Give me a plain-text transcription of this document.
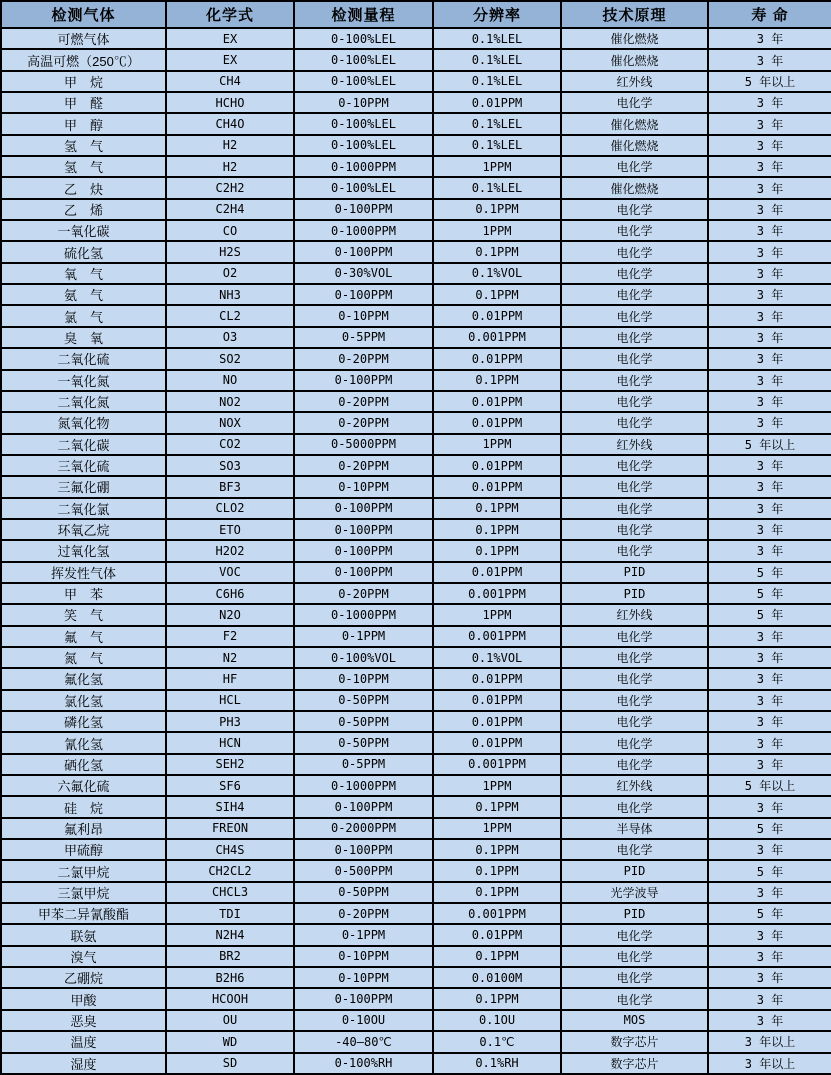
检测气体	化学式	检测量程	分辨率	技术原理	寿 命
可燃气体	EX	0-100%LEL	0.1%LEL	催化燃烧	3 年
高温可燃（250℃）	EX	0-100%LEL	0.1%LEL	催化燃烧	3 年
甲　烷	CH4	0-100%LEL	0.1%LEL	红外线	5 年以上
甲　醛	HCHO	0-10PPM	0.01PPM	电化学	3 年
甲　醇	CH4O	0-100%LEL	0.1%LEL	催化燃烧	3 年
氢　气	H2	0-100%LEL	0.1%LEL	催化燃烧	3 年
氢　气	H2	0-1000PPM	1PPM	电化学	3 年
乙　炔	C2H2	0-100%LEL	0.1%LEL	催化燃烧	3 年
乙　烯	C2H4	0-100PPM	0.1PPM	电化学	3 年
一氧化碳	CO	0-1000PPM	1PPM	电化学	3 年
硫化氢	H2S	0-100PPM	0.1PPM	电化学	3 年
氧　气	O2	0-30%VOL	0.1%VOL	电化学	3 年
氨　气	NH3	0-100PPM	0.1PPM	电化学	3 年
氯　气	CL2	0-10PPM	0.01PPM	电化学	3 年
臭　氧	O3	0-5PPM	0.001PPM	电化学	3 年
二氧化硫	SO2	0-20PPM	0.01PPM	电化学	3 年
一氧化氮	NO	0-100PPM	0.1PPM	电化学	3 年
二氧化氮	NO2	0-20PPM	0.01PPM	电化学	3 年
氮氧化物	NOX	0-20PPM	0.01PPM	电化学	3 年
二氧化碳	CO2	0-5000PPM	1PPM	红外线	5 年以上
三氧化硫	SO3	0-20PPM	0.01PPM	电化学	3 年
三氟化硼	BF3	0-10PPM	0.01PPM	电化学	3 年
二氧化氯	CLO2	0-100PPM	0.1PPM	电化学	3 年
环氧乙烷	ETO	0-100PPM	0.1PPM	电化学	3 年
过氧化氢	H2O2	0-100PPM	0.1PPM	电化学	3 年
挥发性气体	VOC	0-100PPM	0.01PPM	PID	5 年
甲　苯	C6H6	0-20PPM	0.001PPM	PID	5 年
笑　气	N2O	0-1000PPM	1PPM	红外线	5 年
氟　气	F2	0-1PPM	0.001PPM	电化学	3 年
氮　气	N2	0-100%VOL	0.1%VOL	电化学	3 年
氟化氢	HF	0-10PPM	0.01PPM	电化学	3 年
氯化氢	HCL	0-50PPM	0.01PPM	电化学	3 年
磷化氢	PH3	0-50PPM	0.01PPM	电化学	3 年
氰化氢	HCN	0-50PPM	0.01PPM	电化学	3 年
硒化氢	SEH2	0-5PPM	0.001PPM	电化学	3 年
六氟化硫	SF6	0-1000PPM	1PPM	红外线	5 年以上
硅　烷	SIH4	0-100PPM	0.1PPM	电化学	3 年
氟利昂	FREON	0-2000PPM	1PPM	半导体	5 年
甲硫醇	CH4S	0-100PPM	0.1PPM	电化学	3 年
二氯甲烷	CH2CL2	0-500PPM	0.1PPM	PID	5 年
三氯甲烷	CHCL3	0-50PPM	0.1PPM	光学波导	3 年
甲苯二异氰酸酯	TDI	0-20PPM	0.001PPM	PID	5 年
联氨	N2H4	0-1PPM	0.01PPM	电化学	3 年
溴气	BR2	0-10PPM	0.1PPM	电化学	3 年
乙硼烷	B2H6	0-10PPM	0.0100M	电化学	3 年
甲酸	HCOOH	0-100PPM	0.1PPM	电化学	3 年
恶臭	OU	0-10OU	0.1OU	MOS	3 年
温度	WD	-40—80℃	0.1℃	数字芯片	3 年以上
湿度	SD	0-100%RH	0.1%RH	数字芯片	3 年以上
